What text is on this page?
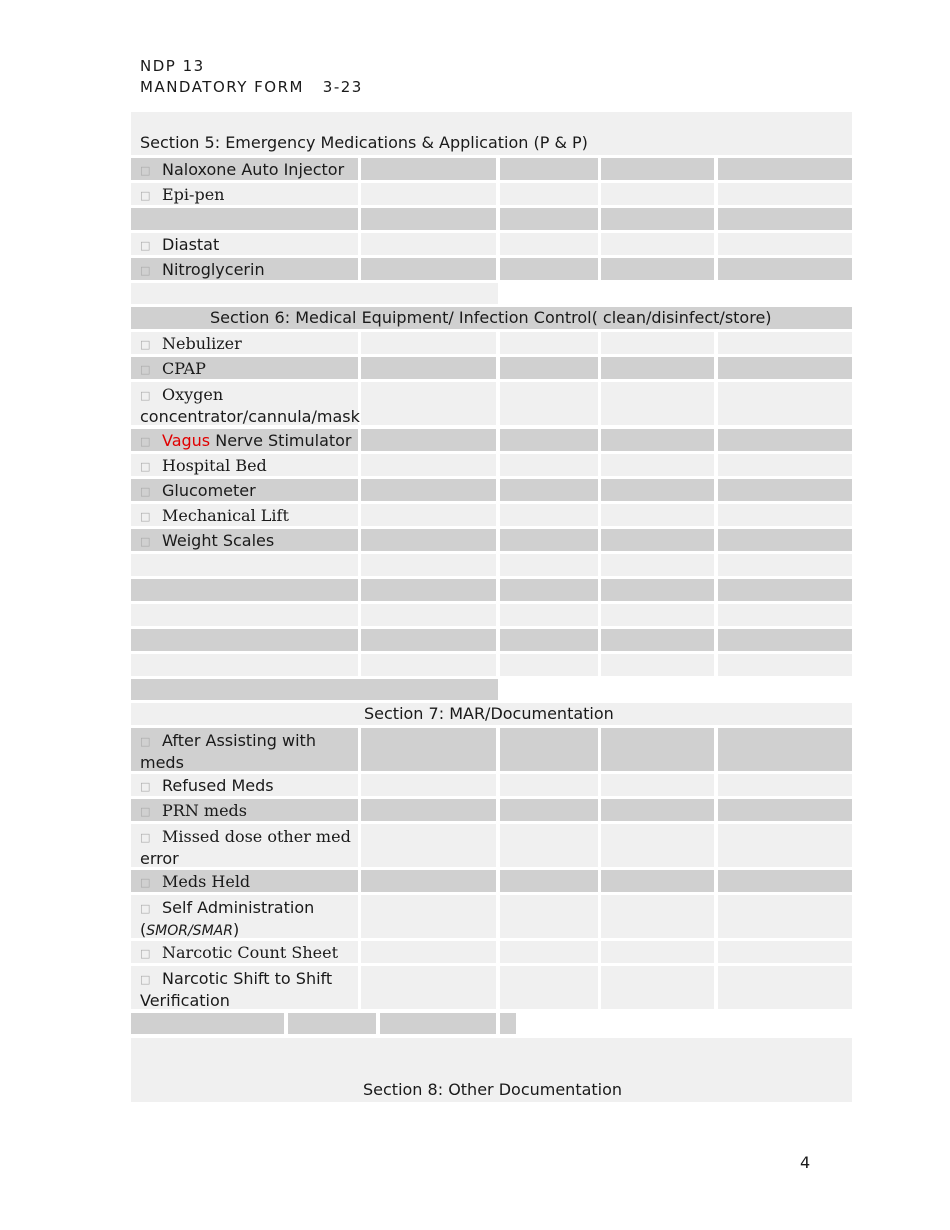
NDP 13
MANDATORY FORM 3-23
Section 5: Emergency Medications & Application (P & P)
□ Naloxone Auto Injector
□ Epi-pen
□ Diastat
□ Nitroglycerin
Section 6: Medical Equipment/ Infection Control( clean/disinfect/store)
□ Nebulizer
□ CPAP
□ Oxygen
concentrator/cannula/mask
□ Vagus Nerve Stimulator
□ Hospital Bed
□ Glucometer
□ Mechanical Lift
□ Weight Scales
Section 7: MAR/Documentation
□ After Assisting with
meds
□ Refused Meds
□ PRN meds
□ Missed dose other med
error
□ Meds Held
□ Self Administration
(SMOR/SMAR)
□ Narcotic Count Sheet
□ Narcotic Shift to Shift
Verification
Section 8: Other Documentation
4
